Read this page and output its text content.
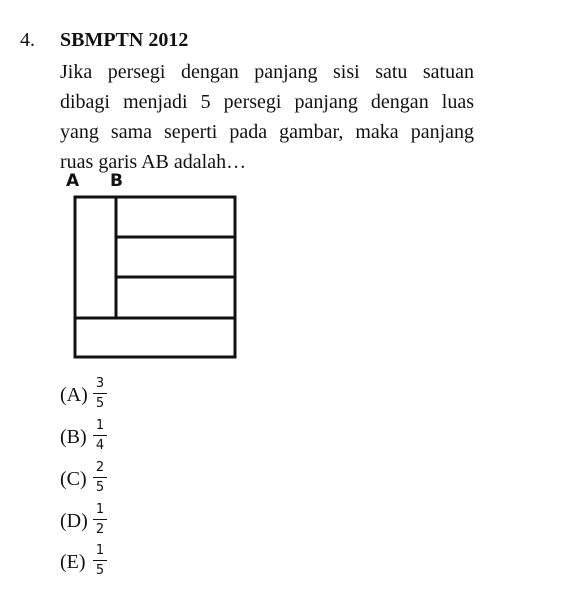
4. SBMPTN 2012
Jika persegi dengan panjang sisi satu satuan
dibagi menjadi 5 persegi panjang dengan luas
yang sama seperti pada gambar, maka panjang
ruas garis AB adalah…
A B
(A)
3
5
(B)
1
4
(C)
2
5
(D)
1
2
(E)
1
5
